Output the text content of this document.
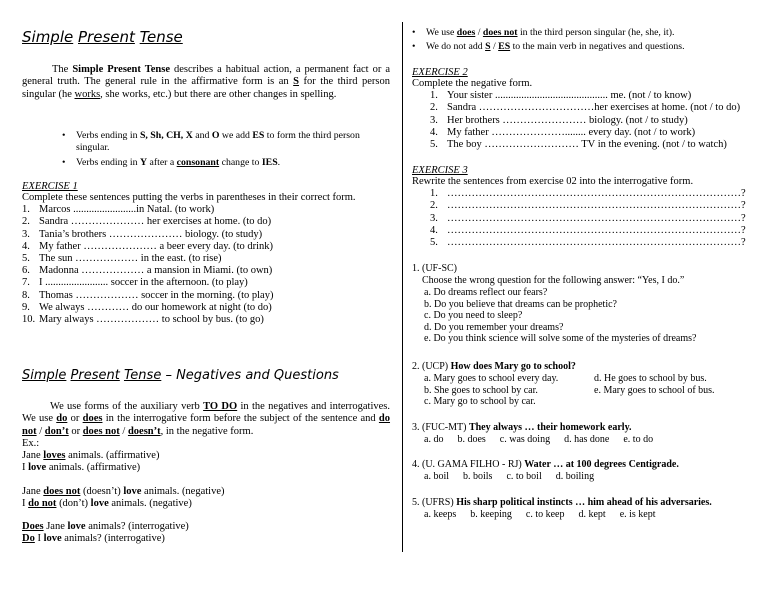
Simple Present Tense
The Simple Present Tense describes a habitual action, a permanent fact or a general truth. The general rule in the affirmative form is an S for the third person singular (he works, she works, etc.) but there are other changes in spelling.
• Verbs ending in S, Sh, CH, X and O we add ES to form the third person singular.
• Verbs ending in Y after a consonant change to IES.
EXERCISE 1
Complete these sentences putting the verbs in parentheses in their correct form.
1. Marcos ........................in Natal. (to work)
2. Sandra ………………… her exercises at home. (to do)
3. Tania’s brothers ………………… biology. (to study)
4. My father ………………… a beer every day. (to drink)
5. The sun ……………… in the east. (to rise)
6. Madonna ……………… a mansion in Miami. (to own)
7. I ........................ soccer in the afternoon. (to play)
8. Thomas ……………… soccer in the morning. (to play)
9. We always ………… do our homework at night (to do)
10. Mary always ……………… to school by bus. (to go)
Simple Present Tense – Negatives and Questions
We use forms of the auxiliary verb TO DO in the negatives and interrogatives. We use do or does in the interrogative form before the subject of the sentence and do not / don’t or does not / doesn’t, in the negative form.
Ex.:
Jane loves animals. (affirmative)
I love animals. (affirmative)
Jane does not (doesn’t) love animals. (negative)
I do not (don’t) love animals. (negative)
Does Jane love animals? (interrogative)
Do I love animals? (interrogative)
• We use does / does not in the third person singular (he, she, it).
• We do not add S / ES to the main verb in negatives and questions.
EXERCISE 2
Complete the negative form.
1. Your sister ........................................... me. (not / to know)
2. Sandra ……………………………her exercises at home. (not / to do)
3. Her brothers …………………… biology. (not / to study)
4. My father …………………........ every day. (not / to work)
5. The boy ……………………… TV in the evening. (not / to watch)
EXERCISE 3
Rewrite the sentences from exercise 02 into the interrogative form.
1. …………………………………………………………………………?
2. …………………………………………………………………………?
3. …………………………………………………………………………?
4. …………………………………………………………………………?
5. …………………………………………………………………………?
1. (UF-SC)
Choose the wrong question for the following answer: “Yes, I do.”
a. Do dreams reflect our fears?
b. Do you believe that dreams can be prophetic?
c. Do you need to sleep?
d. Do you remember your dreams?
e. Do you think science will solve some of the mysteries of dreams?
2. (UCP) How does Mary go to school?
a. Mary goes to school every day.	d. He goes to school by bus.
b. She goes to school by car.	e. Mary goes to school of bus.
c. Mary go to school by car.
3. (FUC-MT) They always … their homework early.
a. do b. does c. was doing d. has done e. to do
4. (U. GAMA FILHO - RJ) Water … at 100 degrees Centigrade.
a. boil b. boils c. to boil d. boiling
5. (UFRS) His sharp political instincts … him ahead of his adversaries.
a. keeps b. keeping c. to keep d. kept e. is kept
